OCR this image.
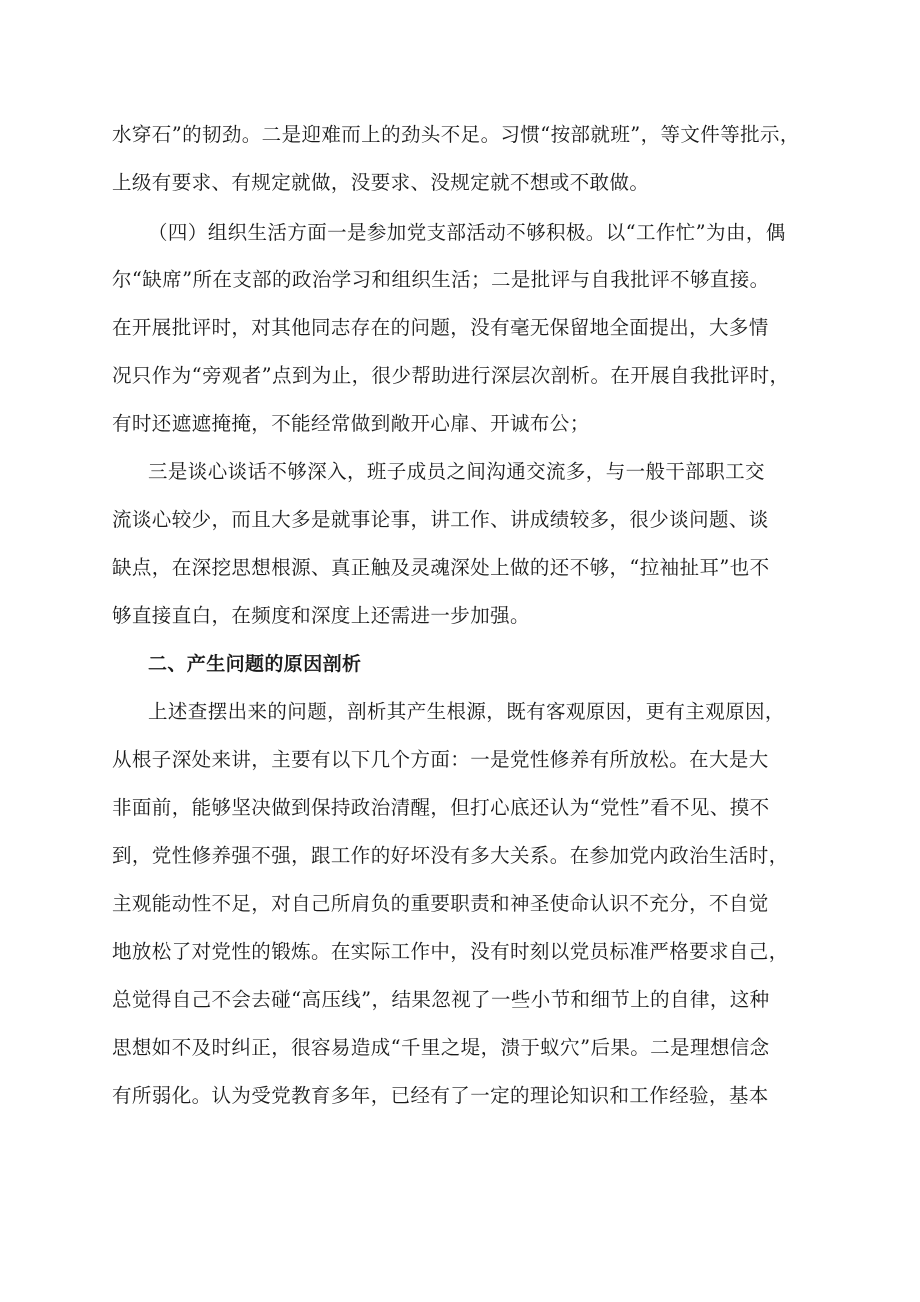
水穿石”的韧劲。二是迎难而上的劲头不足。习惯“按部就班”，等文件等批示，
上级有要求、有规定就做，没要求、没规定就不想或不敢做。
（四）组织生活方面一是参加党支部活动不够积极。以“工作忙”为由，偶
尔“缺席”所在支部的政治学习和组织生活；二是批评与自我批评不够直接。
在开展批评时，对其他同志存在的问题，没有毫无保留地全面提出，大多情
况只作为“旁观者”点到为止，很少帮助进行深层次剖析。在开展自我批评时，
有时还遮遮掩掩，不能经常做到敞开心扉、开诚布公；
三是谈心谈话不够深入，班子成员之间沟通交流多，与一般干部职工交
流谈心较少，而且大多是就事论事，讲工作、讲成绩较多，很少谈问题、谈
缺点，在深挖思想根源、真正触及灵魂深处上做的还不够，“拉袖扯耳”也不
够直接直白，在频度和深度上还需进一步加强。
二、产生问题的原因剖析
上述查摆出来的问题，剖析其产生根源，既有客观原因，更有主观原因，
从根子深处来讲，主要有以下几个方面：一是党性修养有所放松。在大是大
非面前，能够坚决做到保持政治清醒，但打心底还认为“党性”看不见、摸不
到，党性修养强不强，跟工作的好坏没有多大关系。在参加党内政治生活时，
主观能动性不足，对自己所肩负的重要职责和神圣使命认识不充分，不自觉
地放松了对党性的锻炼。在实际工作中，没有时刻以党员标准严格要求自己，
总觉得自己不会去碰“高压线”，结果忽视了一些小节和细节上的自律，这种
思想如不及时纠正，很容易造成“千里之堤，溃于蚁穴”后果。二是理想信念
有所弱化。认为受党教育多年，已经有了一定的理论知识和工作经验，基本
